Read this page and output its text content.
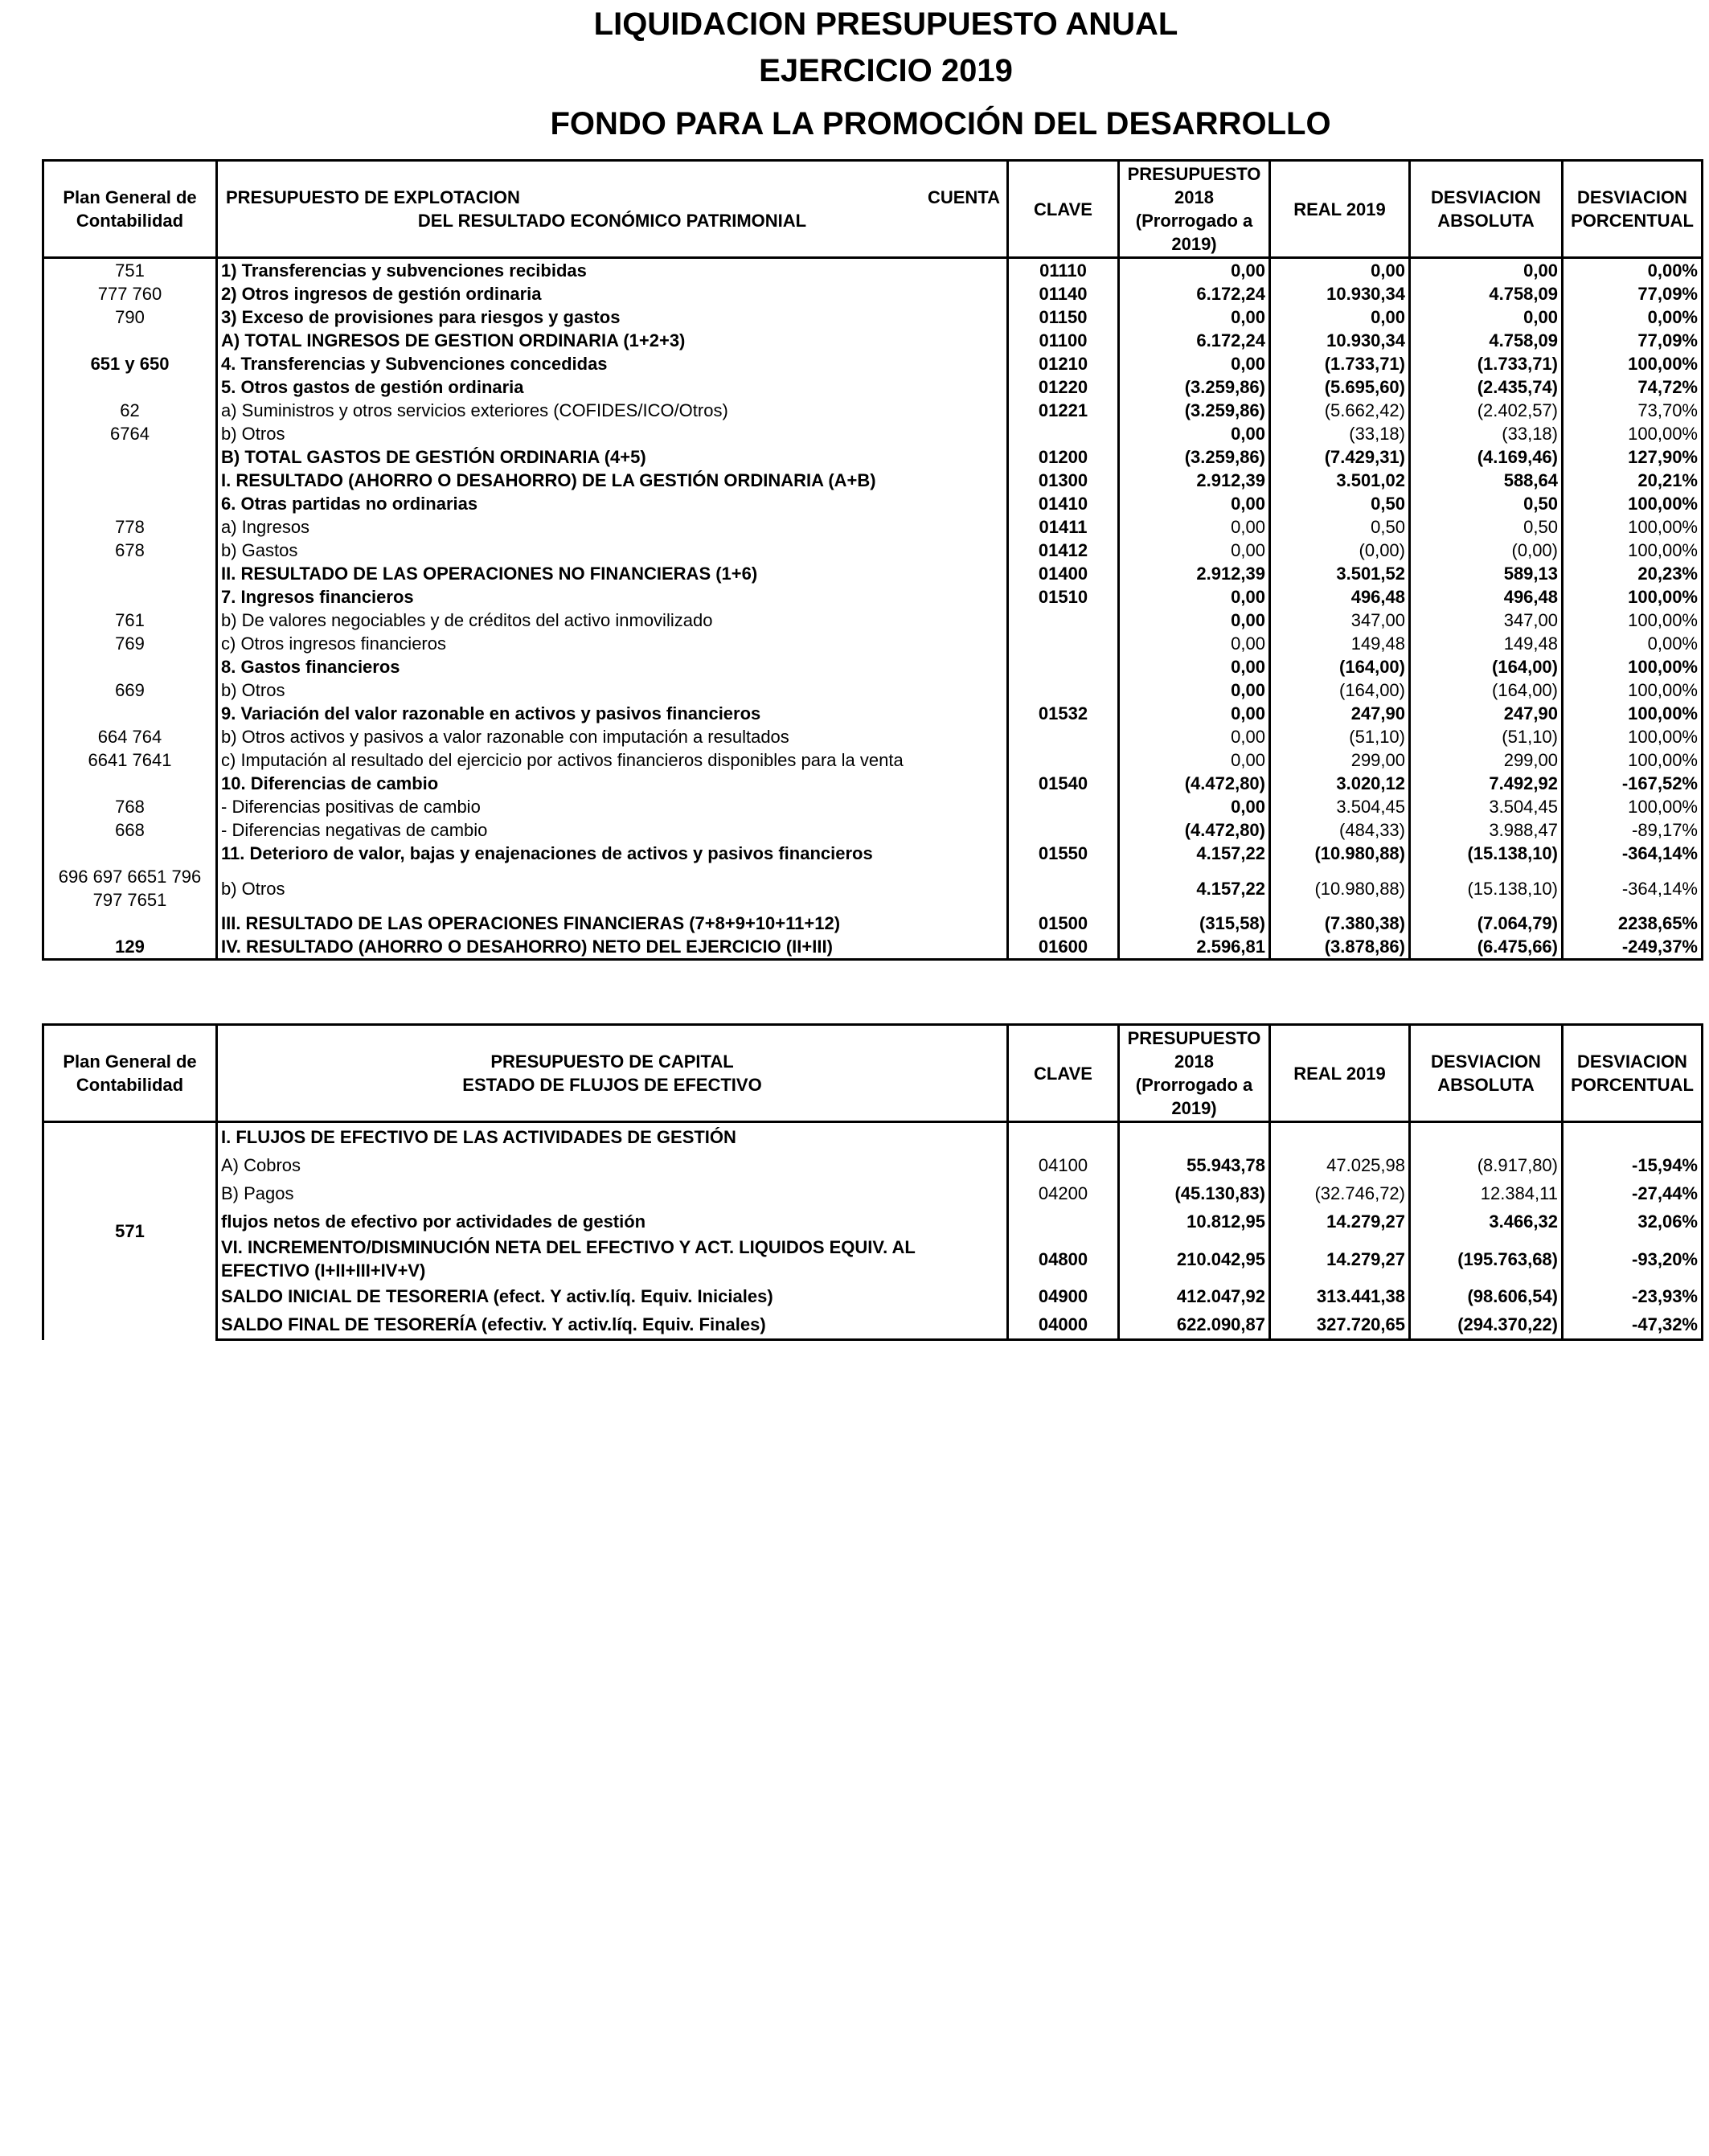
LIQUIDACION PRESUPUESTO ANUAL
EJERCICIO 2019
FONDO PARA LA PROMOCIÓN DEL DESARROLLO
Plan General de Contabilidad	PRESUPUESTO DE EXPLOTACION CUENTA
DEL RESULTADO ECONÓMICO PATRIMONIAL	CLAVE	PRESUPUESTO 2018 (Prorrogado a 2019)	REAL 2019	DESVIACION ABSOLUTA	DESVIACION PORCENTUAL
751	1) Transferencias y subvenciones recibidas	01110	0,00	0,00	0,00	0,00%
777 760	2) Otros ingresos de gestión ordinaria	01140	6.172,24	10.930,34	4.758,09	77,09%
790	3) Exceso de provisiones para riesgos y gastos	01150	0,00	0,00	0,00	0,00%
	A) TOTAL INGRESOS DE GESTION ORDINARIA (1+2+3)	01100	6.172,24	10.930,34	4.758,09	77,09%
651 y 650	4. Transferencias y Subvenciones concedidas	01210	0,00	(1.733,71)	(1.733,71)	100,00%
	5. Otros gastos de gestión ordinaria	01220	(3.259,86)	(5.695,60)	(2.435,74)	74,72%
62	a) Suministros y otros servicios exteriores (COFIDES/ICO/Otros)	01221	(3.259,86)	(5.662,42)	(2.402,57)	73,70%
6764	b) Otros		0,00	(33,18)	(33,18)	100,00%
	B) TOTAL GASTOS DE GESTIÓN ORDINARIA (4+5)	01200	(3.259,86)	(7.429,31)	(4.169,46)	127,90%
	I. RESULTADO (AHORRO O DESAHORRO) DE LA GESTIÓN ORDINARIA (A+B)	01300	2.912,39	3.501,02	588,64	20,21%
	6. Otras partidas no ordinarias	01410	0,00	0,50	0,50	100,00%
778	a) Ingresos	01411	0,00	0,50	0,50	100,00%
678	b) Gastos	01412	0,00	(0,00)	(0,00)	100,00%
	II. RESULTADO DE LAS OPERACIONES NO FINANCIERAS (1+6)	01400	2.912,39	3.501,52	589,13	20,23%
	7. Ingresos financieros	01510	0,00	496,48	496,48	100,00%
761	b) De valores negociables y de créditos del activo inmovilizado		0,00	347,00	347,00	100,00%
769	c) Otros ingresos financieros		0,00	149,48	149,48	0,00%
	8. Gastos financieros		0,00	(164,00)	(164,00)	100,00%
669	b) Otros		0,00	(164,00)	(164,00)	100,00%
	9. Variación del valor razonable en activos y pasivos financieros	01532	0,00	247,90	247,90	100,00%
664 764	b) Otros activos y pasivos a valor razonable con imputación a resultados		0,00	(51,10)	(51,10)	100,00%
6641 7641	c) Imputación al resultado del ejercicio por activos financieros disponibles para la venta		0,00	299,00	299,00	100,00%
	10. Diferencias de cambio	01540	(4.472,80)	3.020,12	7.492,92	-167,52%
768	- Diferencias positivas de cambio		0,00	3.504,45	3.504,45	100,00%
668	- Diferencias negativas de cambio		(4.472,80)	(484,33)	3.988,47	-89,17%
	11. Deterioro de valor, bajas y enajenaciones de activos y pasivos financieros	01550	4.157,22	(10.980,88)	(15.138,10)	-364,14%
696 697 6651 796 797 7651	b) Otros		4.157,22	(10.980,88)	(15.138,10)	-364,14%
	III. RESULTADO DE LAS OPERACIONES FINANCIERAS (7+8+9+10+11+12)	01500	(315,58)	(7.380,38)	(7.064,79)	2238,65%
129	IV. RESULTADO (AHORRO O DESAHORRO) NETO DEL EJERCICIO (II+III)	01600	2.596,81	(3.878,86)	(6.475,66)	-249,37%
Plan General de Contabilidad	PRESUPUESTO DE CAPITAL
ESTADO DE FLUJOS DE EFECTIVO	CLAVE	PRESUPUESTO 2018 (Prorrogado a 2019)	REAL 2019	DESVIACION ABSOLUTA	DESVIACION PORCENTUAL
571	I. FLUJOS DE EFECTIVO DE LAS ACTIVIDADES DE GESTIÓN					
	A) Cobros	04100	55.943,78	47.025,98	(8.917,80)	-15,94%
	B) Pagos	04200	(45.130,83)	(32.746,72)	12.384,11	-27,44%
	flujos netos de efectivo por actividades de gestión		10.812,95	14.279,27	3.466,32	32,06%
	VI. INCREMENTO/DISMINUCIÓN NETA DEL EFECTIVO Y ACT. LIQUIDOS EQUIV. AL EFECTIVO (I+II+III+IV+V)	04800	210.042,95	14.279,27	(195.763,68)	-93,20%
	SALDO INICIAL DE TESORERIA (efect. Y activ.líq. Equiv. Iniciales)	04900	412.047,92	313.441,38	(98.606,54)	-23,93%
	SALDO FINAL DE TESORERÍA (efectiv. Y activ.líq. Equiv. Finales)	04000	622.090,87	327.720,65	(294.370,22)	-47,32%
